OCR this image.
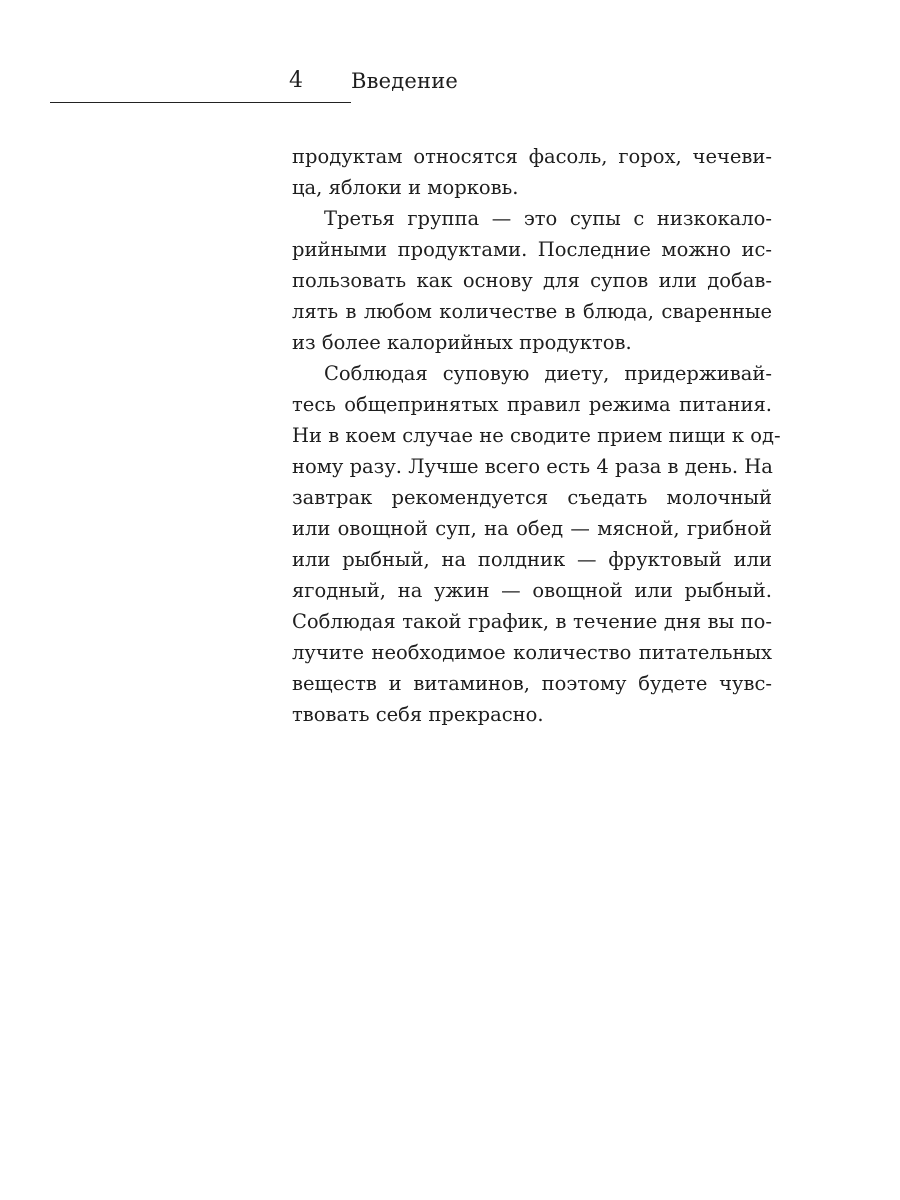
4 Введение
продуктам относятся фасоль, горох, чечеви-
ца, яблоки и морковь.
Третья группа — это супы с низкокало-
рийными продуктами. Последние можно ис-
пользовать как основу для супов или добав-
лять в любом количестве в блюда, сваренные
из более калорийных продуктов.
Соблюдая суповую диету, придерживай-
тесь общепринятых правил режима питания.
Ни в коем случае не сводите прием пищи к од-
ному разу. Лучше всего есть 4 раза в день. На
завтрак рекомендуется съедать молочный
или овощной суп, на обед — мясной, грибной
или рыбный, на полдник — фруктовый или
ягодный, на ужин — овощной или рыбный.
Соблюдая такой график, в течение дня вы по-
лучите необходимое количество питательных
веществ и витаминов, поэтому будете чувс-
твовать себя прекрасно.
